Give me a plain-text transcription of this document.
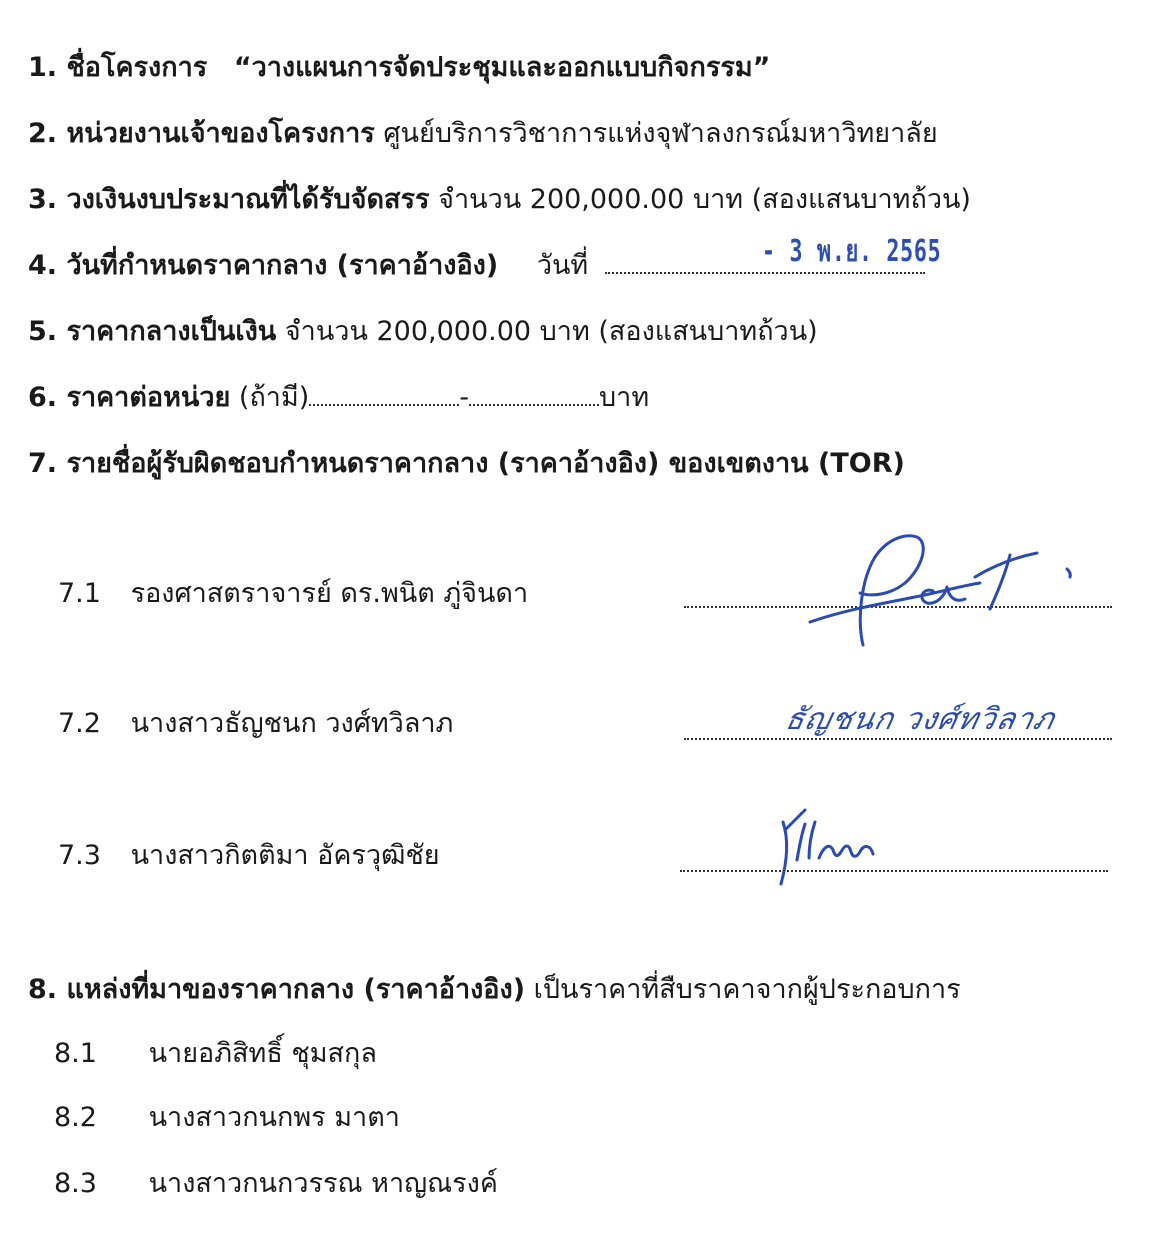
1. ชื่อโครงการ “วางแผนการจัดประชุมและออกแบบกิจกรรม”
2. หน่วยงานเจ้าของโครงการ ศูนย์บริการวิชาการแห่งจุฬาลงกรณ์มหาวิทยาลัย
3. วงเงินงบประมาณที่ได้รับจัดสรร จำนวน 200,000.00 บาท (สองแสนบาทถ้วน)
4. วันที่กำหนดราคากลาง (ราคาอ้างอิง) วันที่	- 3 พ.ย. 2565
5. ราคากลางเป็นเงิน จำนวน 200,000.00 บาท (สองแสนบาทถ้วน)
6. ราคาต่อหน่วย (ถ้ามี)	-	บาท
7. รายชื่อผู้รับผิดชอบกำหนดราคากลาง (ราคาอ้างอิง) ของเขตงาน (TOR)
7.1 รองศาสตราจารย์ ดร.พนิต ภู่จินดา
7.2 นางสาวธัญชนก วงศ์ทวิลาภ	ธัญชนก วงศ์ทวิลาภ
7.3 นางสาวกิตติมา อัครวุฒิชัย
8. แหล่งที่มาของราคากลาง (ราคาอ้างอิง) เป็นราคาที่สืบราคาจากผู้ประกอบการ
8.1 นายอภิสิทธิ์ ชุมสกุล
8.2 นางสาวกนกพร มาตา
8.3 นางสาวกนกวรรณ หาญณรงค์
